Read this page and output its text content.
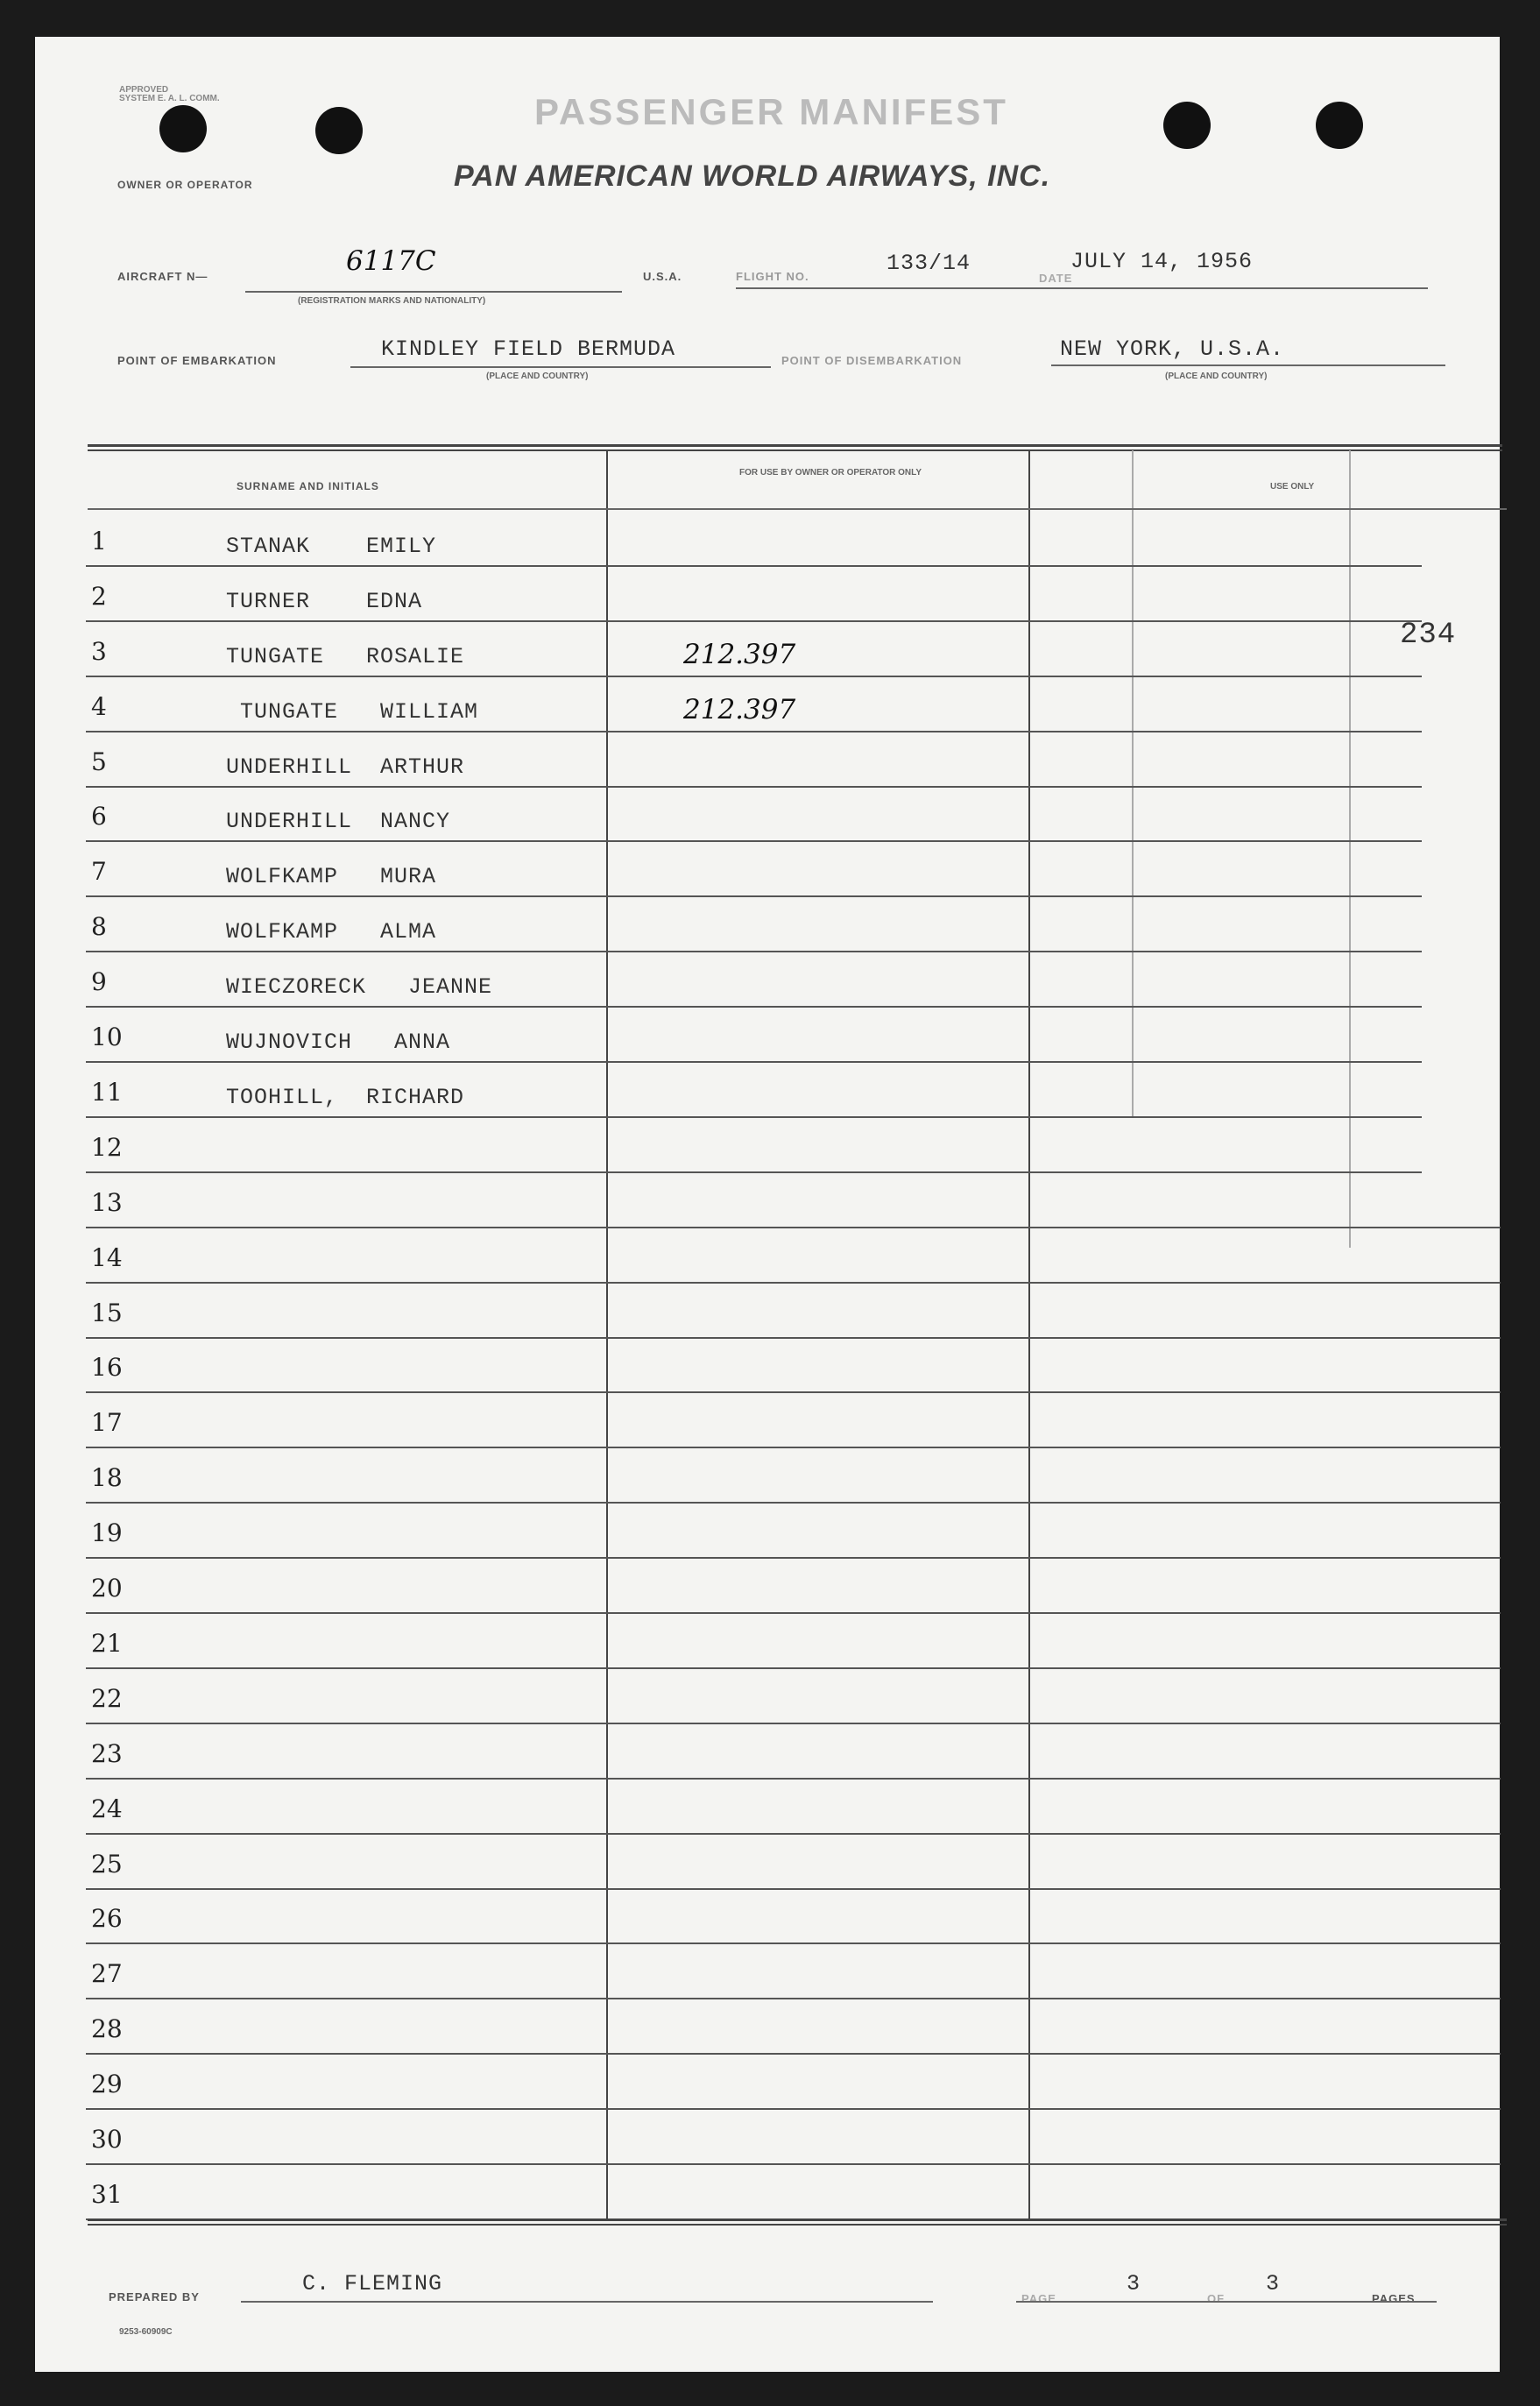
APPROVED
SYSTEM E. A. L. COMM.	PASSENGER MANIFEST
OWNER OR OPERATOR	PAN AMERICAN WORLD AIRWAYS, INC.
AIRCRAFT N—	6117C
(REGISTRATION MARKS AND NATIONALITY)
U.S.A.	FLIGHT NO.
133/14
DATE
JULY 14, 1956
POINT OF EMBARKATION	KINDLEY FIELD BERMUDA
(PLACE AND COUNTRY)
POINT OF DISEMBARKATION	NEW YORK, U.S.A.
(PLACE AND COUNTRY)
SURNAME AND INITIALS
FOR USE BY OWNER OR OPERATOR ONLY
USE ONLY
1	STANAK    EMILY
2	TURNER    EDNA
3	TUNGATE   ROSALIE	212.397
4	TUNGATE   WILLIAM	212.397
5	UNDERHILL  ARTHUR
6	UNDERHILL  NANCY
7	WOLFKAMP   MURA
8	WOLFKAMP   ALMA
9	WIECZORECK   JEANNE
10	WUJNOVICH   ANNA
11	TOOHILL,  RICHARD
12
13
14
15
16
17
18
19
20
21
22
23
24
25
26
27
28
29
30
31
234
PREPARED BY
C. FLEMING
PAGE
3
OF
3
PAGES
9253-60909C
